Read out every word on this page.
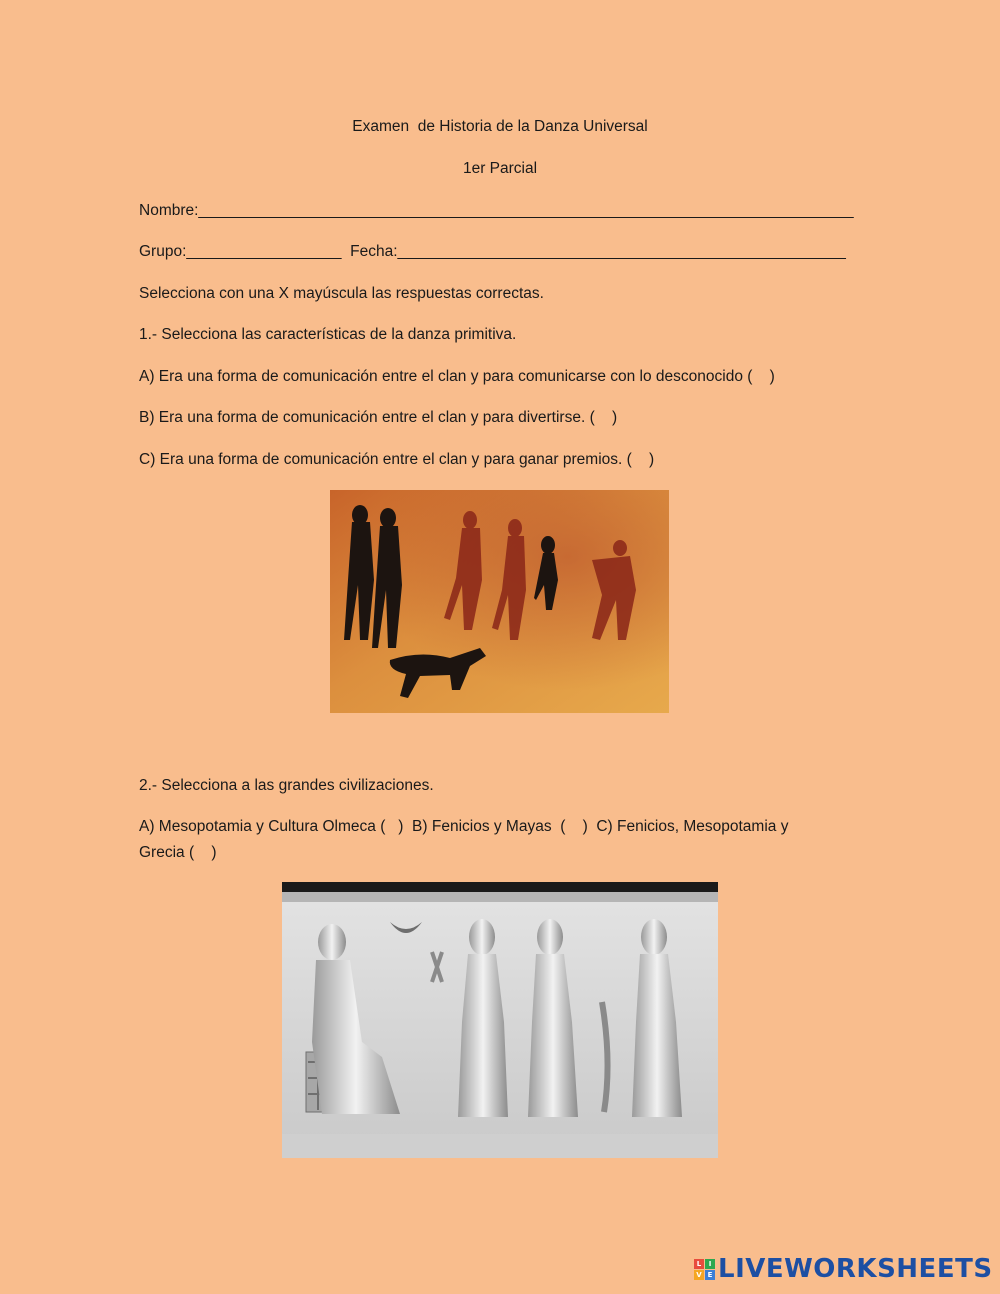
Examen  de Historia de la Danza Universal
1er Parcial
Nombre:____________________________________________________________________________
Grupo:__________________  Fecha:____________________________________________________
Selecciona con una X mayúscula las respuestas correctas.
1.- Selecciona las características de la danza primitiva.
A) Era una forma de comunicación entre el clan y para comunicarse con lo desconocido (    )
B) Era una forma de comunicación entre el clan y para divertirse. (    )
C) Era una forma de comunicación entre el clan y para ganar premios. (    )
2.- Selecciona a las grandes civilizaciones.
A) Mesopotamia y Cultura Olmeca (   )  B) Fenicios y Mayas  (    )  C) Fenicios, Mesopotamia y
Grecia (    )
L	I
V E LIVEWORKSHEETS
